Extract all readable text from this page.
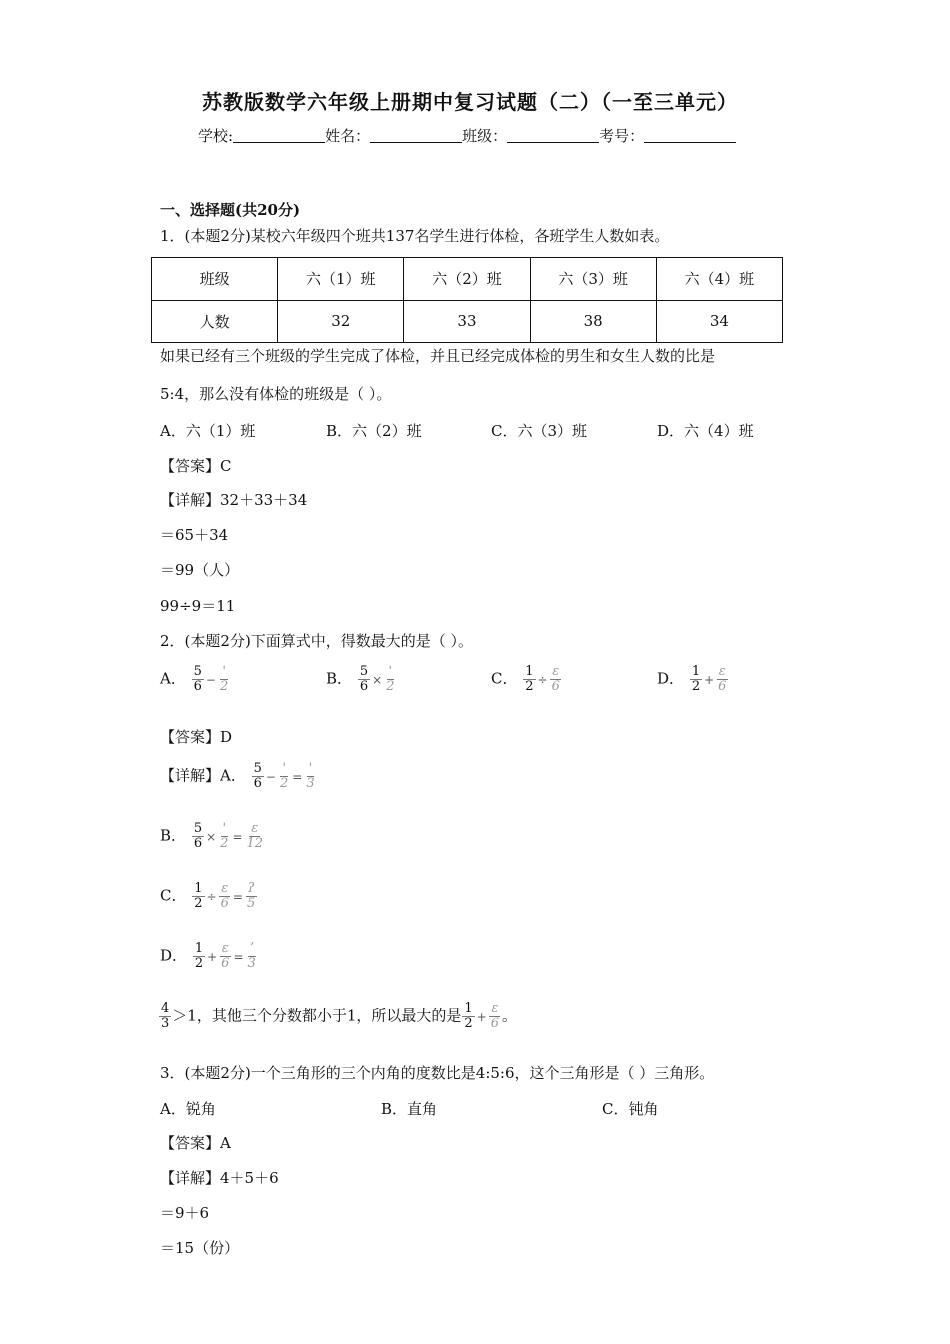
苏教版数学六年级上册期中复习试题（二）（一至三单元）
学校:	姓名：	班级：	考号：
一、选择题(共20分)
1．(本题2分)某校六年级四个班共137名学生进行体检，各班学生人数如表。
班级	六（1）班	六（2）班	六（3）班	六（4）班
人数	32	33	38	34
如果已经有三个班级的学生完成了体检，并且已经完成体检的男生和女生人数的比是
5:4，那么没有体检的班级是（ ）。
A．六（1）班	B．六（2）班	C．六（3）班	D．六（4）班
【答案】C
【详解】32＋33＋34
＝65＋34
＝99（人）
99÷9＝11
2．(本题2分)下面算式中，得数最大的是（ ）。
A． $\frac{5}{6} - \frac{'}{2}$	B． $\frac{5}{6} \times \frac{'}{2}$	C． $\frac{1}{2} \div \frac{\varepsilon}{6}$	D． $\frac{1}{2} + \frac{\varepsilon}{6}$
【答案】D
【详解】A． $\frac{5}{6} - \frac{'}{2} = \frac{'}{3}$
B． $\frac{5}{6} \times \frac{'}{2} = \frac{\varepsilon}{12}$
C． $\frac{1}{2} \div \frac{\varepsilon}{6} = \frac{\text{ʔ}}{5}$
D． $\frac{1}{2} + \frac{\varepsilon}{6} = \frac{\text{ʼ}}{3}$
$\frac{4}{3} >1$，其他三个分数都小于1，所以最大的是 $\frac{1}{2} + \frac{\varepsilon}{6}$ 。
3．(本题2分)一个三角形的三个内角的度数比是4:5:6，这个三角形是（ ）三角形。
A．锐角	B．直角	C．钝角
【答案】A
【详解】4＋5＋6
＝9＋6
＝15（份）
